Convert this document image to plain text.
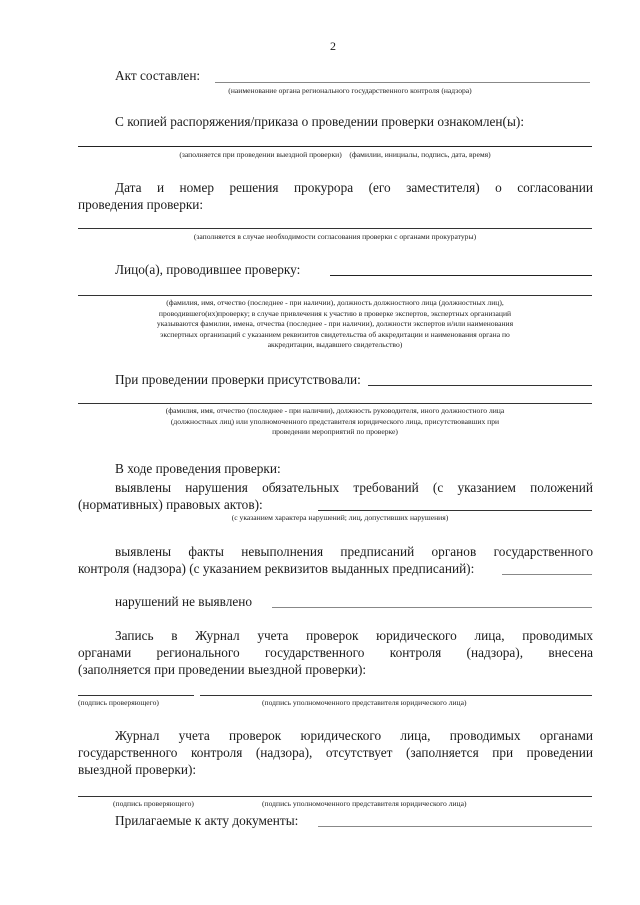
2
Акт составлен:
(наименование органа регионального государственного контроля (надзора)
С копией распоряжения/приказа о проведении проверки ознакомлен(ы):
(заполняется при проведении выездной проверки)    (фамилии, инициалы, подпись, дата, время)
Дата и номер решения прокурора (его заместителя) о согласовании
проведения проверки:
(заполняется в случае необходимости согласования проверки с органами прокуратуры)
Лицо(а), проводившее проверку:
(фамилия, имя, отчество (последнее - при наличии), должность должностного лица (должностных лиц),
проводившего(их)проверку; в случае привлечения к участию в проверке экспертов, экспертных организаций
указываются фамилии, имена, отчества (последнее - при наличии), должности экспертов и/или наименования
экспертных организаций с указанием реквизитов свидетельства об аккредитации и наименования органа по
аккредитации, выдавшего свидетельство)
При проведении проверки присутствовали:
(фамилия, имя, отчество (последнее - при наличии), должность руководителя, иного должностного лица
(должностных лиц) или уполномоченного представителя юридического лица, присутствовавших при
проведении мероприятий по проверке)
В ходе проведения проверки:
выявлены нарушения обязательных требований (с указанием положений
(нормативных) правовых актов):
(с указанием характера нарушений; лиц, допустивших нарушения)
выявлены факты невыполнения предписаний органов государственного
контроля (надзора) (с указанием реквизитов выданных предписаний):
нарушений не выявлено
Запись в Журнал учета проверок юридического лица, проводимых
органами регионального государственного контроля (надзора), внесена
(заполняется при проведении выездной проверки):
(подпись проверяющего)	(подпись уполномоченного представителя юридического лица)
Журнал учета проверок юридического лица, проводимых органами
государственного контроля (надзора), отсутствует (заполняется при проведении
выездной проверки):
(подпись проверяющего)	(подпись уполномоченного представителя юридического лица)
Прилагаемые к акту документы:
